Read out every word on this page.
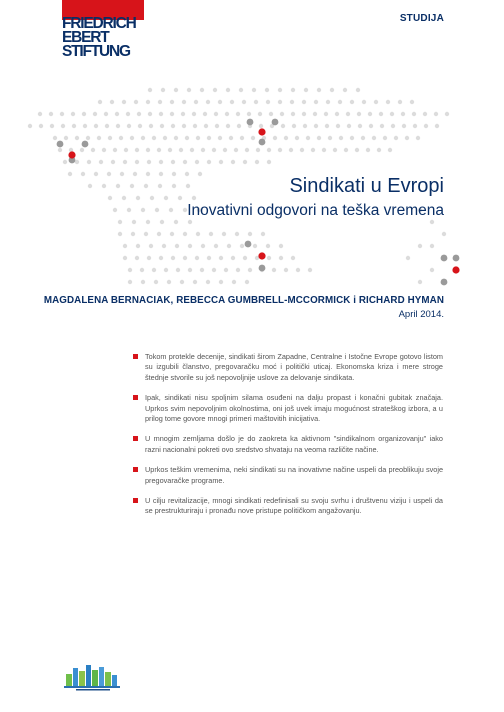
FRIEDRICH
EBERT
STIFTUNG
STUDIJA
Sindikati u Evropi
Inovativni odgovori na teška vremena
MAGDALENA BERNACIAK, REBECCA GUMBRELL-MCCORMICK i RICHARD HYMAN
April 2014.
Tokom protekle decenije, sindikati širom Zapadne, Centralne i Istočne Evrope gotovo listom su izgubili članstvo, pregovaračku moć i politički uticaj. Ekonomska kriza i mere stroge štednje stvorile su još nepovoljnije uslove za delovanje sindikata.
Ipak, sindikati nisu spoljnim silama osuđeni na dalju propast i konačni gubitak značaja. Uprkos svim nepovoljnim okolnostima, oni još uvek imaju mogućnost strateškog izbora, a u prilog tome govore mnogi primeri maštovitih inicijativa.
U mnogim zemljama došlo je do zaokreta ka aktivnom "sindikalnom organizovanju" iako razni nacionalni pokreti ovo sredstvo shvataju na veoma različite načine.
Uprkos teškim vremenima, neki sindikati su na inovativne načine uspeli da preoblikuju svoje pregovaračke programe.
U cilju revitalizacije, mnogi sindikati redefinisali su svoju svrhu i društvenu viziju i uspeli da se prestrukturiraju i pronađu nove pristupe političkom angažovanju.
